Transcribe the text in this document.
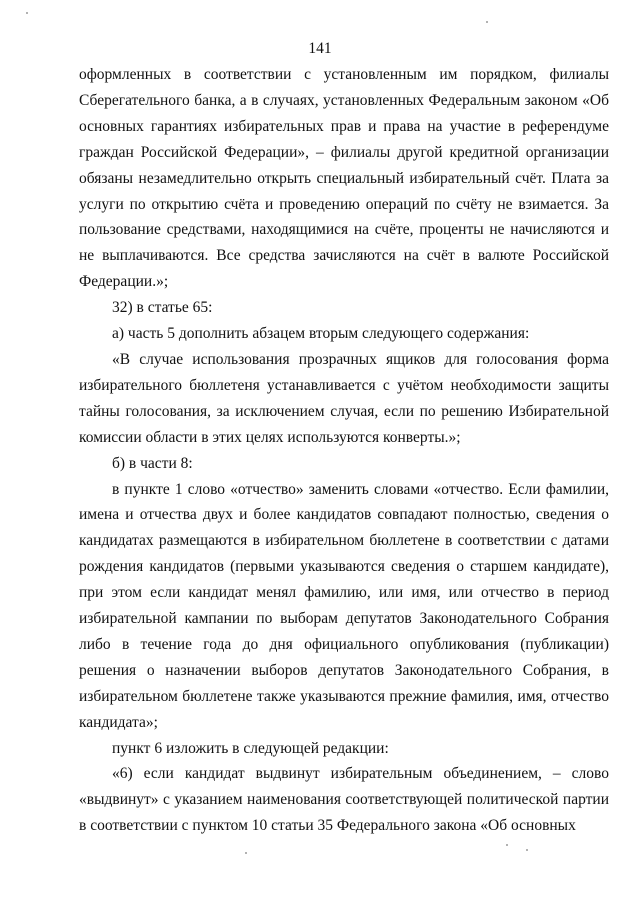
141

оформленных в соответствии с установленным им порядком, филиалы Сберегательного банка, а в случаях, установленных Федеральным законом «Об основных гарантиях избирательных прав и права на участие в референдуме граждан Российской Федерации», – филиалы другой кредитной организации обязаны незамедлительно открыть специальный избирательный счёт. Плата за услуги по открытию счёта и проведению операций по счёту не взимается. За пользование средствами, находящимися на счёте, проценты не начисляются и не выплачиваются. Все средства зачисляются на счёт в валюте Российской Федерации.»;

32) в статье 65:

а) часть 5 дополнить абзацем вторым следующего содержания:

«В случае использования прозрачных ящиков для голосования форма избирательного бюллетеня устанавливается с учётом необходимости защиты тайны голосования, за исключением случая, если по решению Избирательной комиссии области в этих целях используются конверты.»;

б) в части 8:

в пункте 1 слово «отчество» заменить словами «отчество. Если фамилии, имена и отчества двух и более кандидатов совпадают полностью, сведения о кандидатах размещаются в избирательном бюллетене в соответствии с датами рождения кандидатов (первыми указываются сведения о старшем кандидате), при этом если кандидат менял фамилию, или имя, или отчество в период избирательной кампании по выборам депутатов Законодательного Собрания либо в течение года до дня официального опубликования (публикации) решения о назначении выборов депутатов Законодательного Собрания, в избирательном бюллетене также указываются прежние фамилия, имя, отчество кандидата»;

пункт 6 изложить в следующей редакции:

«6) если кандидат выдвинут избирательным объединением, – слово «выдвинут» с указанием наименования соответствующей политической партии в соответствии с пунктом 10 статьи 35 Федерального закона «Об основных
